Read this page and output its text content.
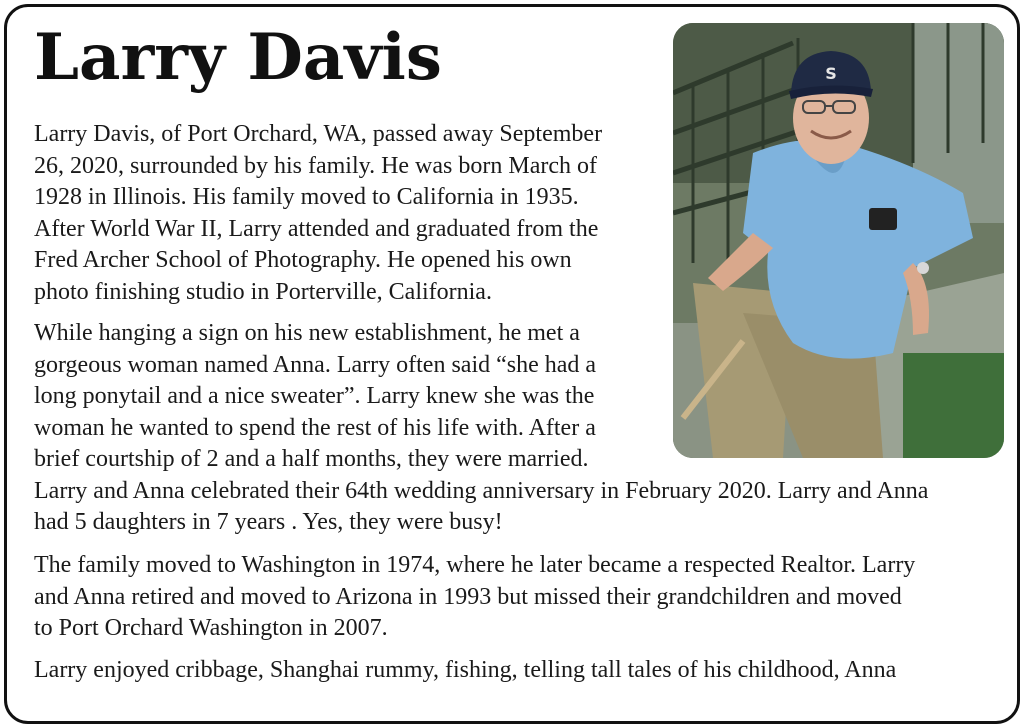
Larry Davis	S

Larry Davis, of Port Orchard, WA, passed away September
26, 2020, surrounded by his family. He was born March of
1928 in Illinois. His family moved to California in 1935.
After World War II, Larry attended and graduated from the
Fred Archer School of Photography. He opened his own
photo finishing studio in Porterville, California.

While hanging a sign on his new establishment, he met a
gorgeous woman named Anna. Larry often said “she had a
long ponytail and a nice sweater”. Larry knew she was the
woman he wanted to spend the rest of his life with. After a
brief courtship of 2 and a half months, they were married.
Larry and Anna celebrated their 64th wedding anniversary in February 2020. Larry and Anna
had 5 daughters in 7 years . Yes, they were busy!

The family moved to Washington in 1974, where he later became a respected Realtor. Larry
and Anna retired and moved to Arizona in 1993 but missed their grandchildren and moved
to Port Orchard Washington in 2007.

Larry enjoyed cribbage, Shanghai rummy, fishing, telling tall tales of his childhood, Anna
